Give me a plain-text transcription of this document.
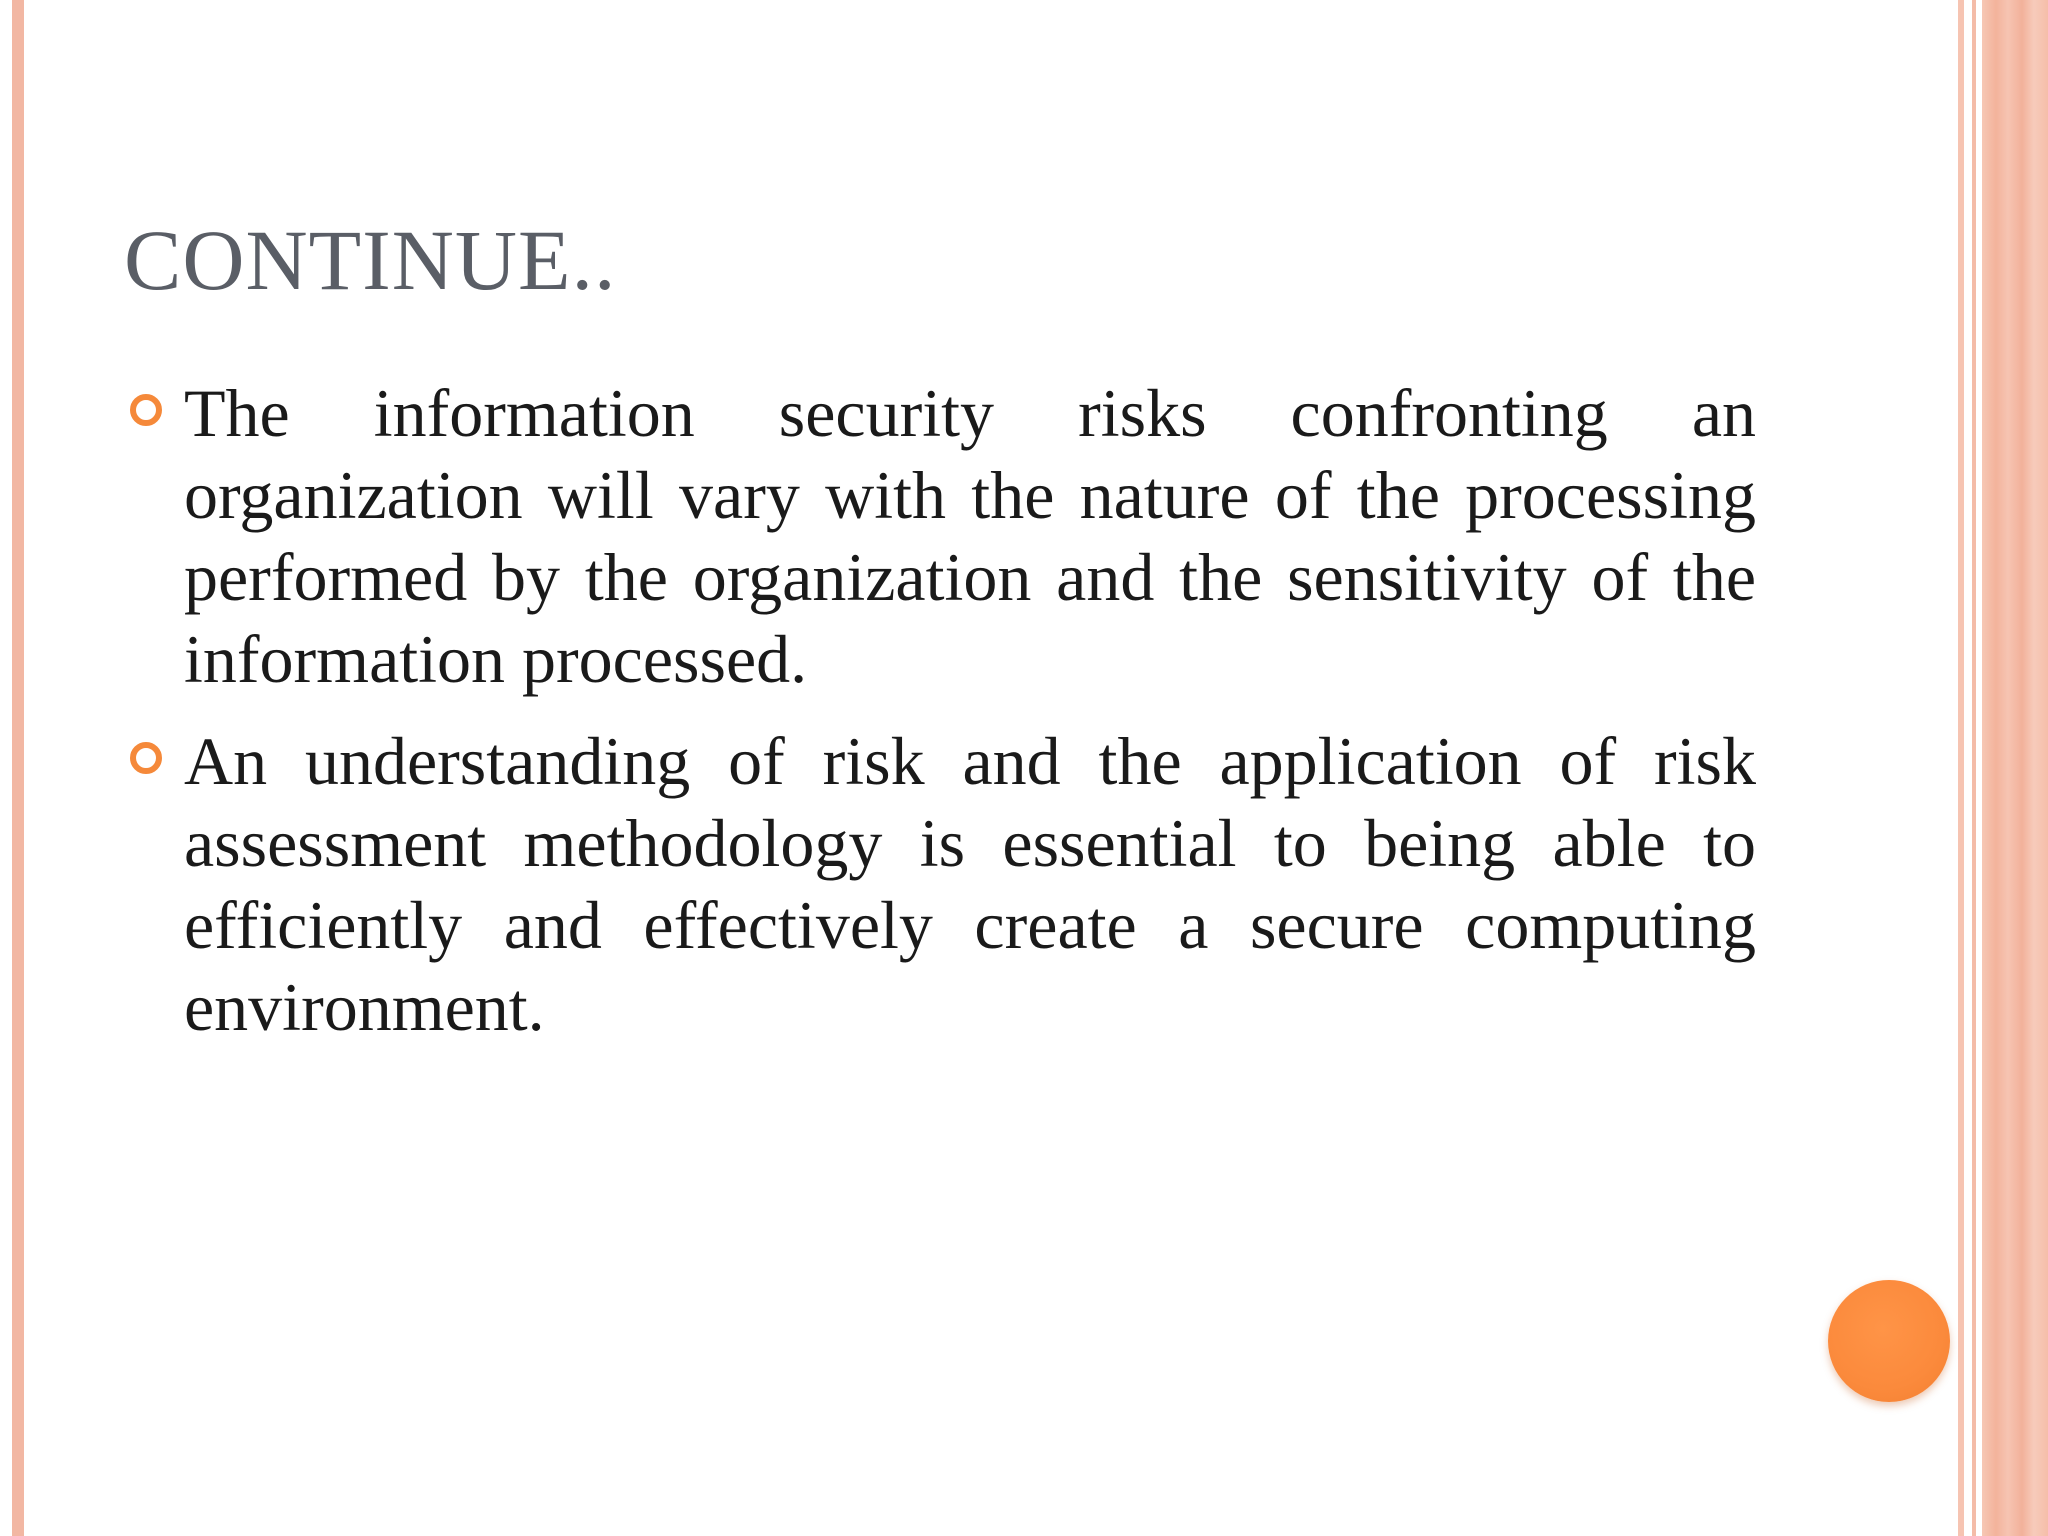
CONTINUE..

The information security risks confronting an organization will vary with the nature of the processing performed by the organization and the sensitivity of the information processed.

An understanding of risk and the application of risk assessment methodology is essential to being able to efficiently and effectively create a secure computing environment.
